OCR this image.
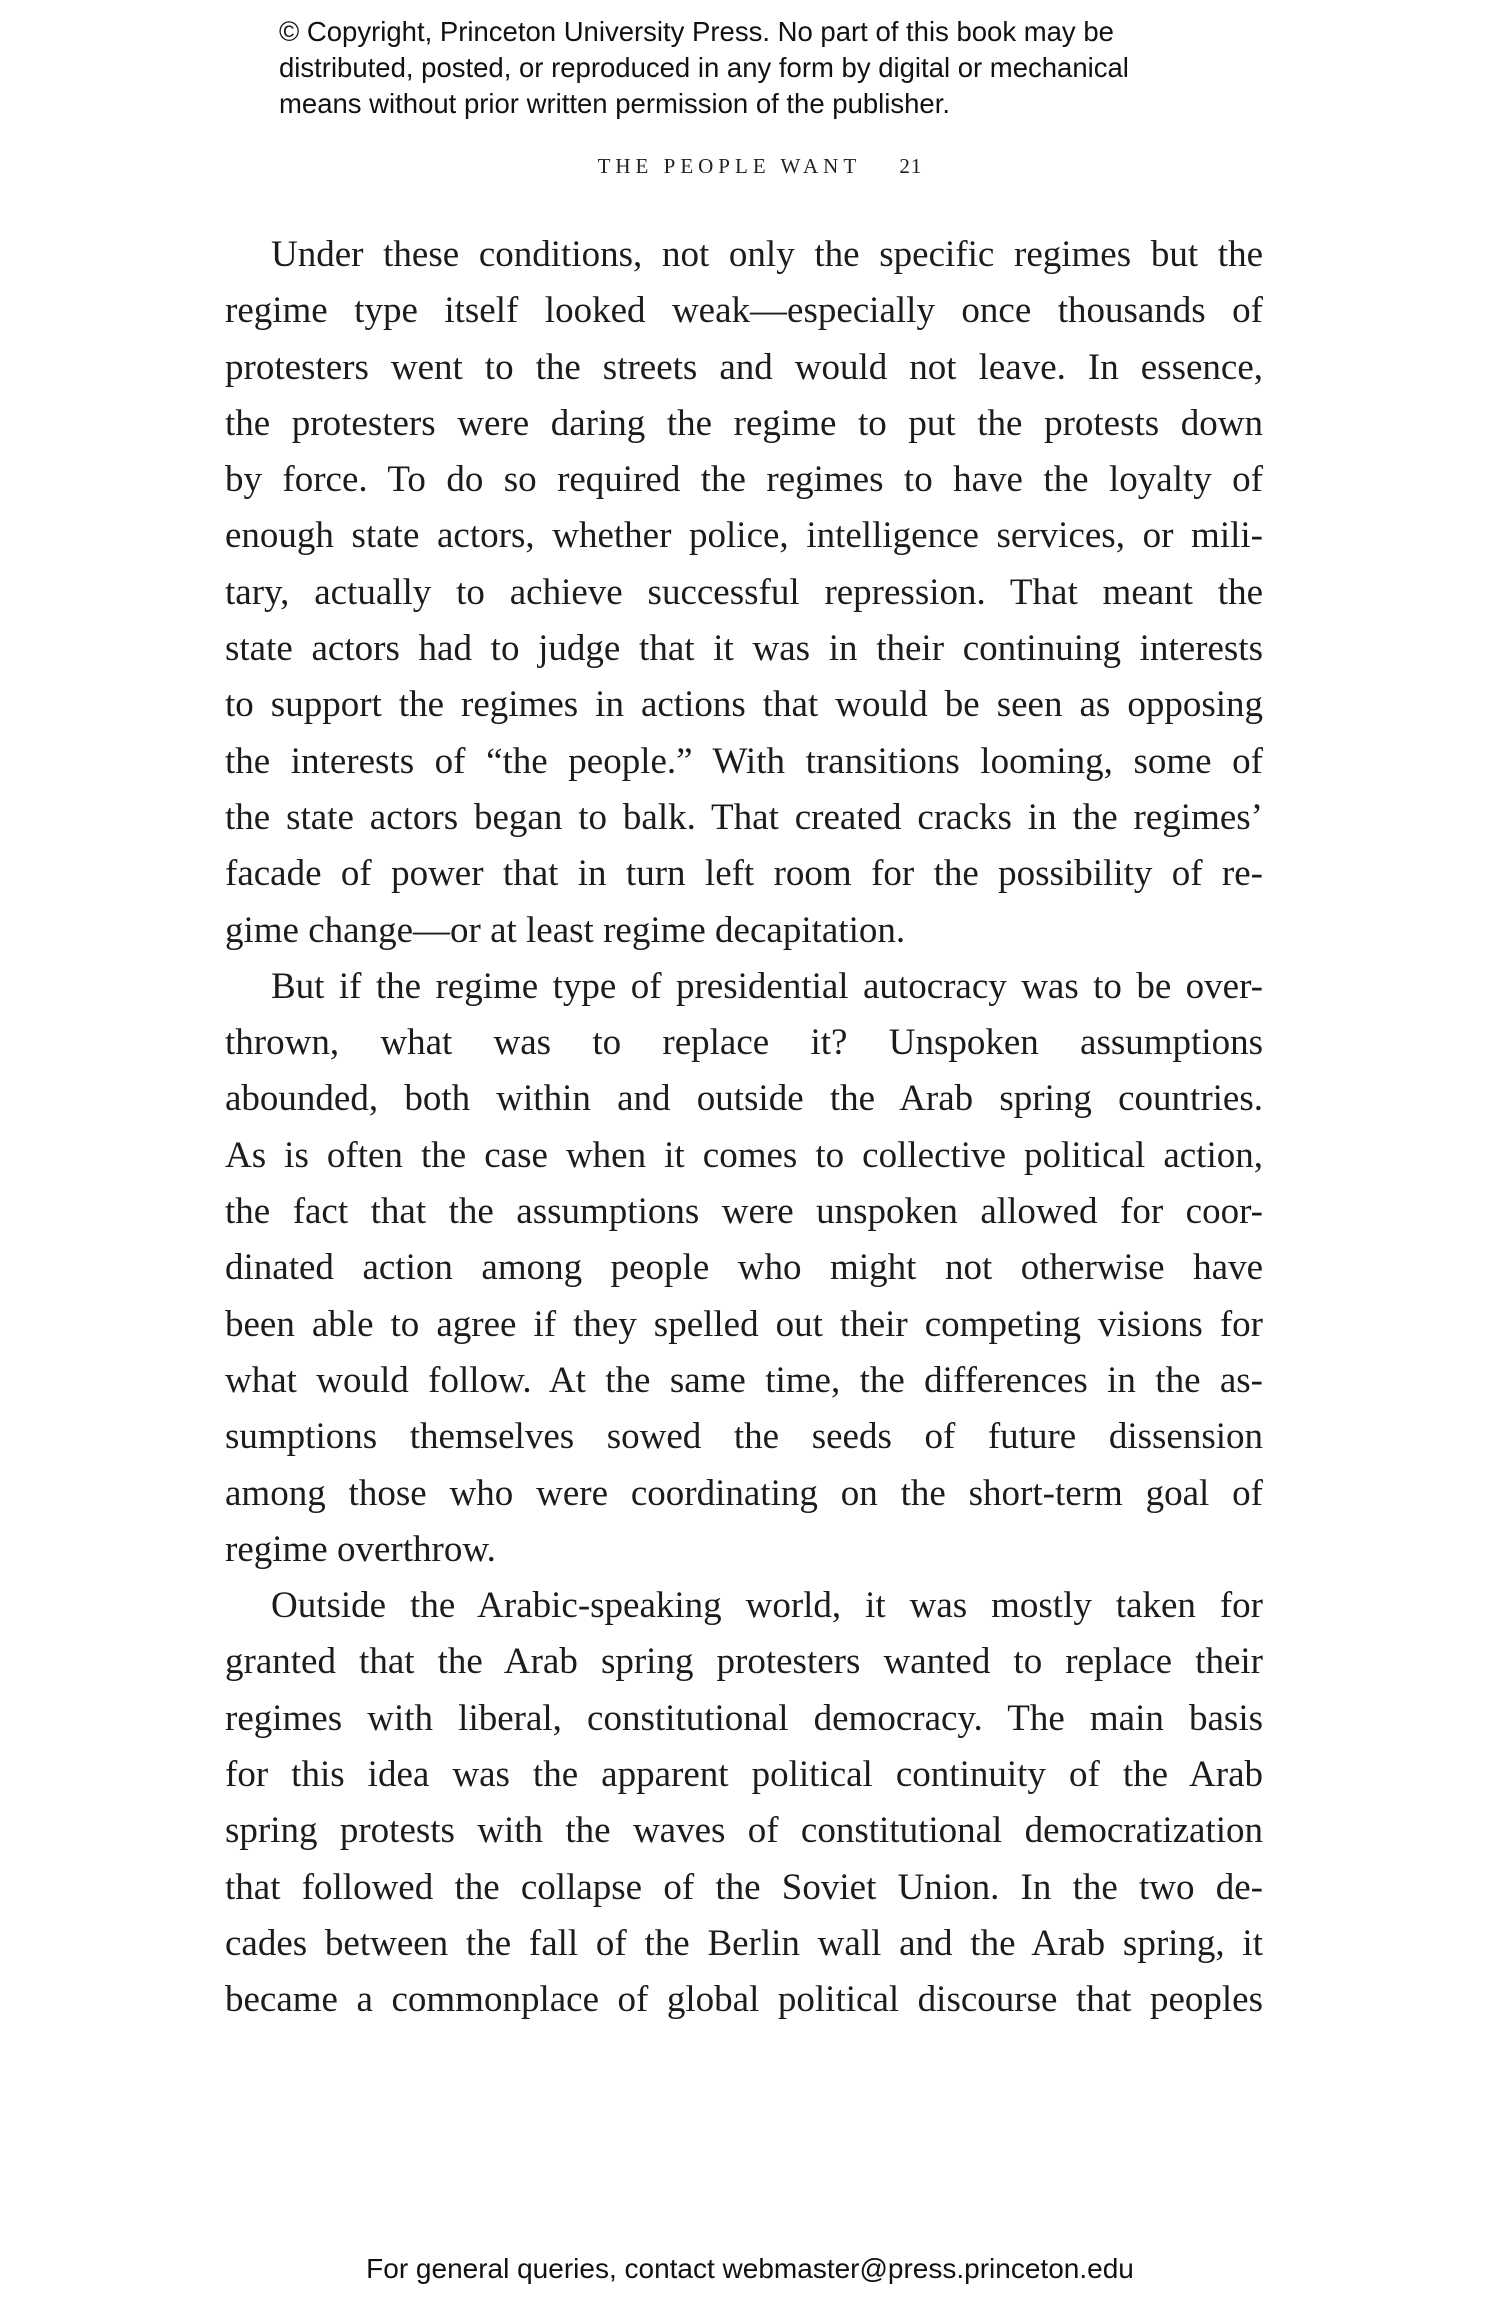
© Copyright, Princeton University Press. No part of this book may be
distributed, posted, or reproduced in any form by digital or mechanical
means without prior written permission of the publisher.
THE PEOPLE WANT 21
Under these conditions, not only the specific regimes but the
regime type itself looked weak—especially once thousands of
protesters went to the streets and would not leave. In essence,
the protesters were daring the regime to put the protests down
by force. To do so required the regimes to have the loyalty of
enough state actors, whether police, intelligence services, or mili-
tary, actually to achieve successful repression. That meant the
state actors had to judge that it was in their continuing interests
to support the regimes in actions that would be seen as opposing
the interests of “the people.” With transitions looming, some of
the state actors began to balk. That created cracks in the regimes’
facade of power that in turn left room for the possibility of re-
gime change—or at least regime decapitation.
But if the regime type of presidential autocracy was to be over-
thrown, what was to replace it? Unspoken assumptions
abounded, both within and outside the Arab spring countries.
As is often the case when it comes to collective political action,
the fact that the assumptions were unspoken allowed for coor-
dinated action among people who might not otherwise have
been able to agree if they spelled out their competing visions for
what would follow. At the same time, the differences in the as-
sumptions themselves sowed the seeds of future dissension
among those who were coordinating on the short-term goal of
regime overthrow.
Outside the Arabic-speaking world, it was mostly taken for
granted that the Arab spring protesters wanted to replace their
regimes with liberal, constitutional democracy. The main basis
for this idea was the apparent political continuity of the Arab
spring protests with the waves of constitutional democratization
that followed the collapse of the Soviet Union. In the two de-
cades between the fall of the Berlin wall and the Arab spring, it
became a commonplace of global political discourse that peoples
For general queries, contact webmaster@press.princeton.edu
